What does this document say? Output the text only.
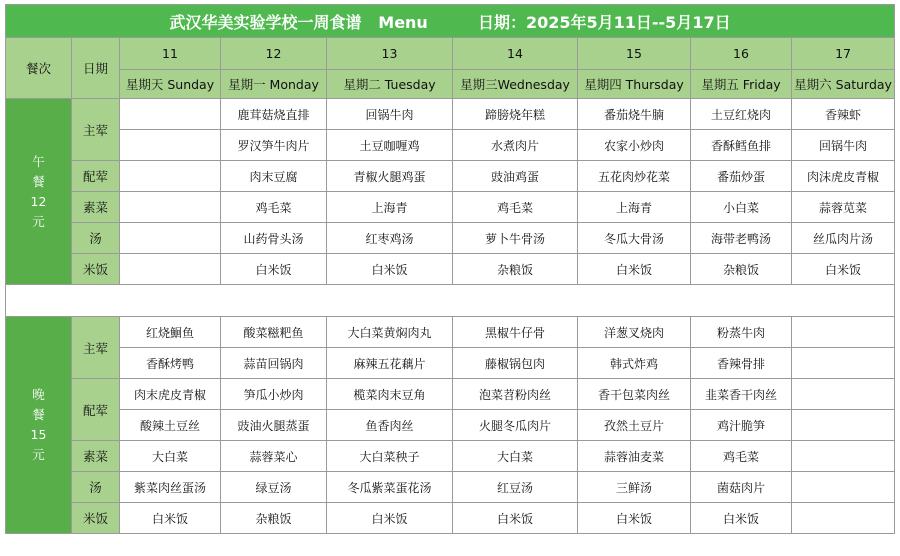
武汉华美实验学校一周食谱 Menu 日期：2025年5月11日--5月17日								
餐次	日期	11	12	13	14	15	16	17
		星期天 Sunday	星期一 Monday	星期二 Tuesday	星期三Wednesday	星期四 Thursday	星期五 Friday	星期六 Saturday

午
餐
12
元	主荤		鹿茸菇烧直排	回锅牛肉	蹄膀烧年糕	番茄烧牛腩	土豆红烧肉	香辣虾
			罗汉笋牛肉片	土豆咖喱鸡	水煮肉片	农家小炒肉	香酥鳕鱼排	回锅牛肉
	配荤		肉末豆腐	青椒火腿鸡蛋	豉油鸡蛋	五花肉炒花菜	番茄炒蛋	肉沫虎皮青椒
	素菜		鸡毛菜	上海青	鸡毛菜	上海青	小白菜	蒜蓉苋菜
	汤		山药骨头汤	红枣鸡汤	萝卜牛骨汤	冬瓜大骨汤	海带老鸭汤	丝瓜肉片汤
	米饭		白米饭	白米饭	杂粮饭	白米饭	杂粮饭	白米饭

晚
餐
15
元	主荤	红烧鮰鱼	酸菜糍粑鱼	大白菜黄焖肉丸	黑椒牛仔骨	洋葱叉烧肉	粉蒸牛肉	
		香酥烤鸭	蒜苗回锅肉	麻辣五花藕片	藤椒锅包肉	韩式炸鸡	香辣骨排	
	配荤	肉末虎皮青椒	笋瓜小炒肉	榄菜肉末豆角	泡菜苕粉肉丝	香干包菜肉丝	韭菜香干肉丝	
		酸辣土豆丝	豉油火腿蒸蛋	鱼香肉丝	火腿冬瓜肉片	孜然土豆片	鸡汁脆笋	
	素菜	大白菜	蒜蓉菜心	大白菜秧子	大白菜	蒜蓉油麦菜	鸡毛菜	
	汤	紫菜肉丝蛋汤	绿豆汤	冬瓜紫菜蛋花汤	红豆汤	三鲜汤	菌菇肉片	
	米饭	白米饭	杂粮饭	白米饭	白米饭	白米饭	白米饭	
